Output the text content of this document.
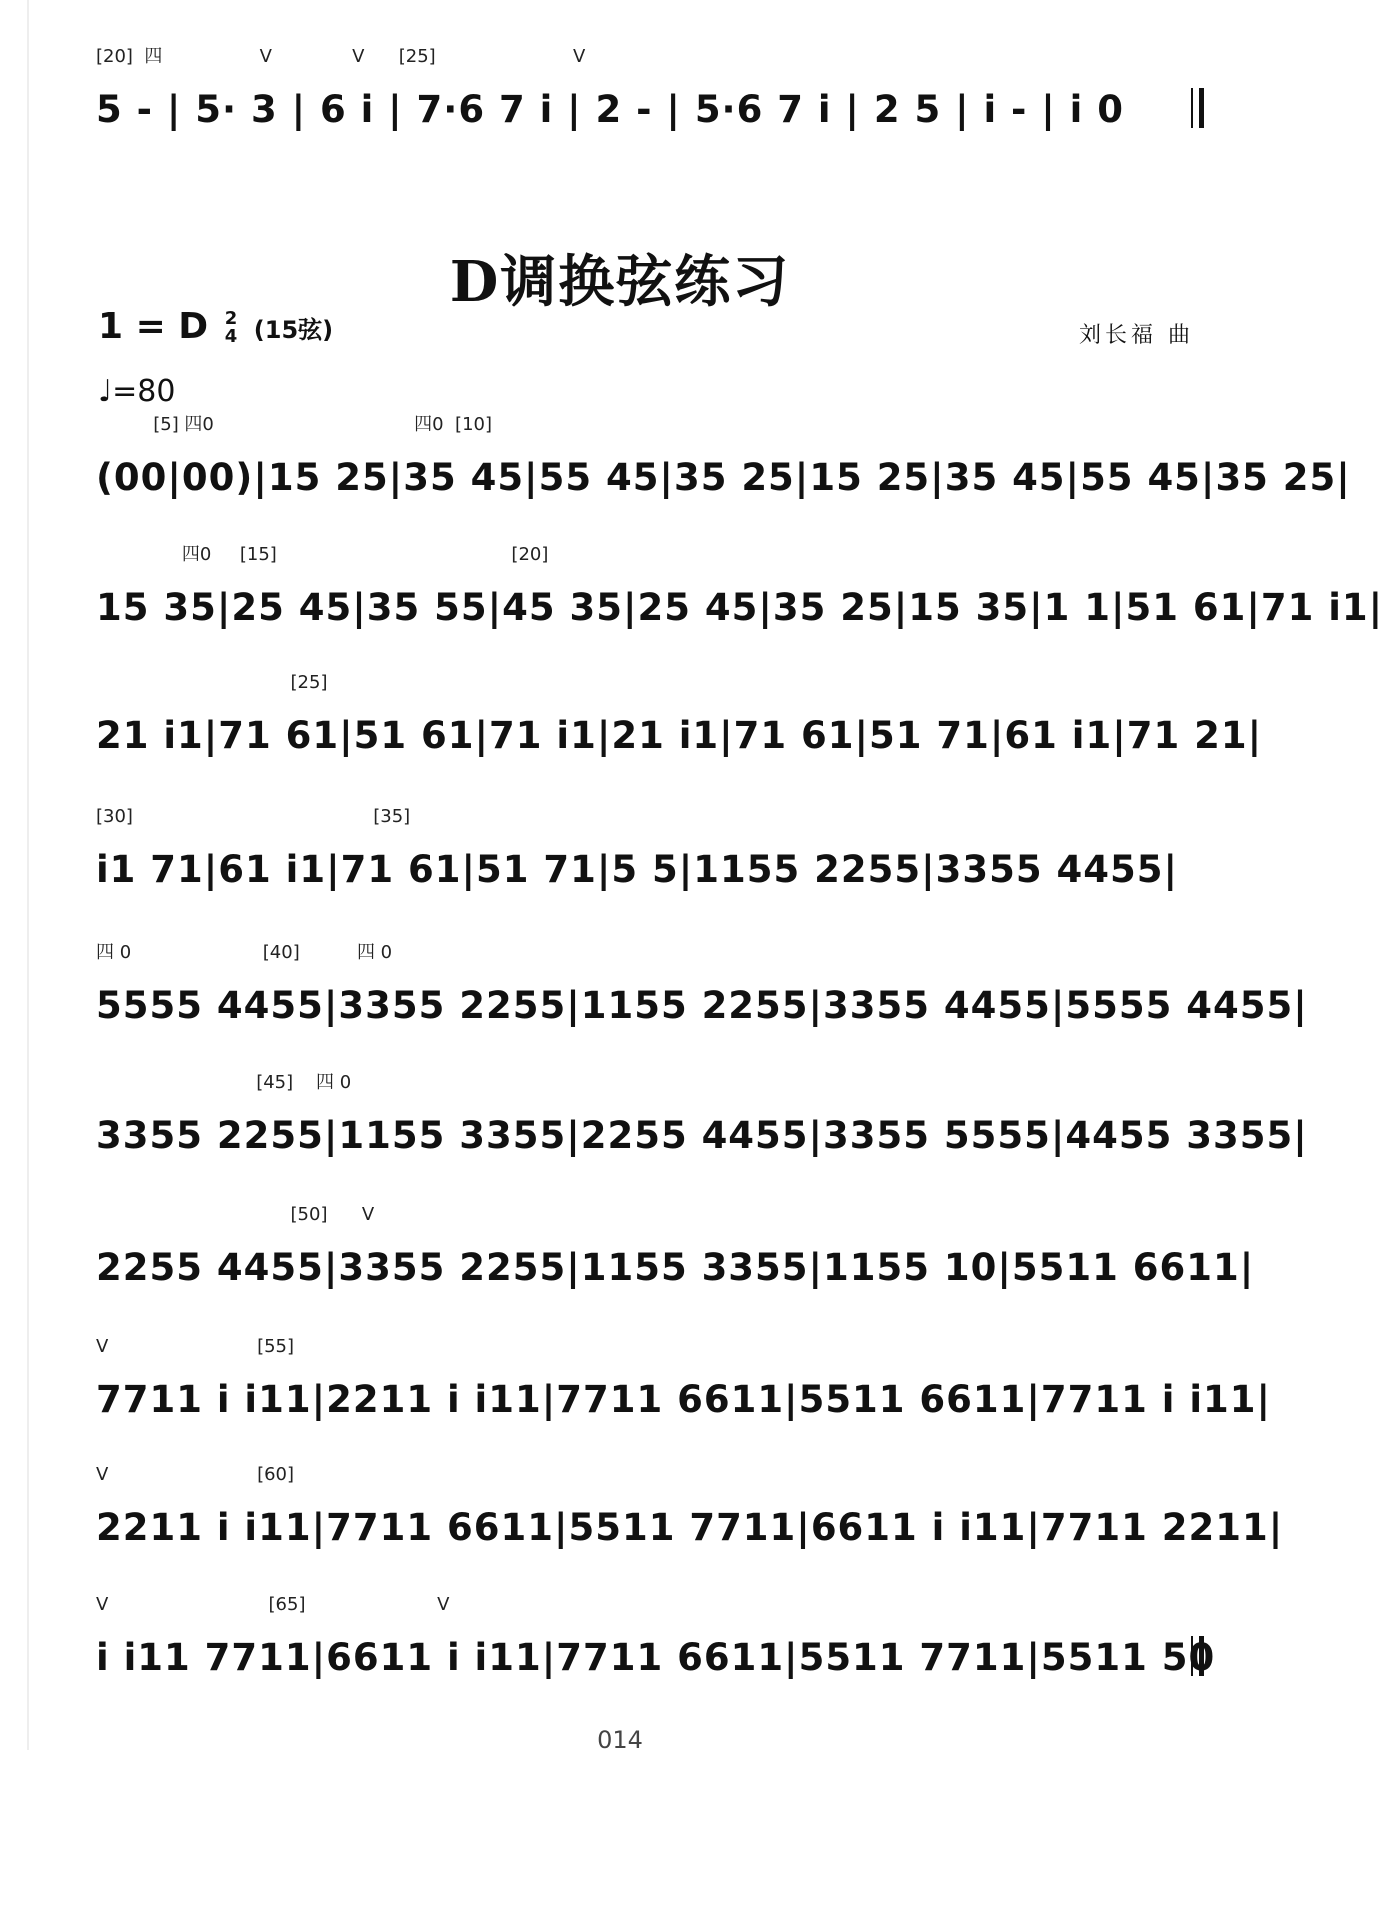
[20]  四                 V              V      [25]                        V
5 - | 5· 3 | 6 i | 7·6 7 i | 2 - | 5·6 7 i | 2 5 | i - | i 0
D调换弦练习
1 = D 2
4 (15弦)	刘长福 曲
♩=80
[5] 四0                                   四0  [10]
(00|00)|15 25|35 45|55 45|35 25|15 25|35 45|55 45|35 25|
四0     [15]                                         [20]
15 35|25 45|35 55|45 35|25 45|35 25|15 35|1 1|51 61|71 i1|
[25]
21 i1|71 61|51 61|71 i1|21 i1|71 61|51 71|61 i1|71 21|
[30]                                          [35]
i1 71|61 i1|71 61|51 71|5 5|1155 2255|3355 4455|
四 0                       [40]          四 0
5555 4455|3355 2255|1155 2255|3355 4455|5555 4455|
[45]    四 0
3355 2255|1155 3355|2255 4455|3355 5555|4455 3355|
[50]      V
2255 4455|3355 2255|1155 3355|1155 10|5511 6611|
V                          [55]
7711 i i11|2211 i i11|7711 6611|5511 6611|7711 i i11|
V                          [60]
2211 i i11|7711 6611|5511 7711|6611 i i11|7711 2211|
V                            [65]                       V
i i11 7711|6611 i i11|7711 6611|5511 7711|5511 50
014
